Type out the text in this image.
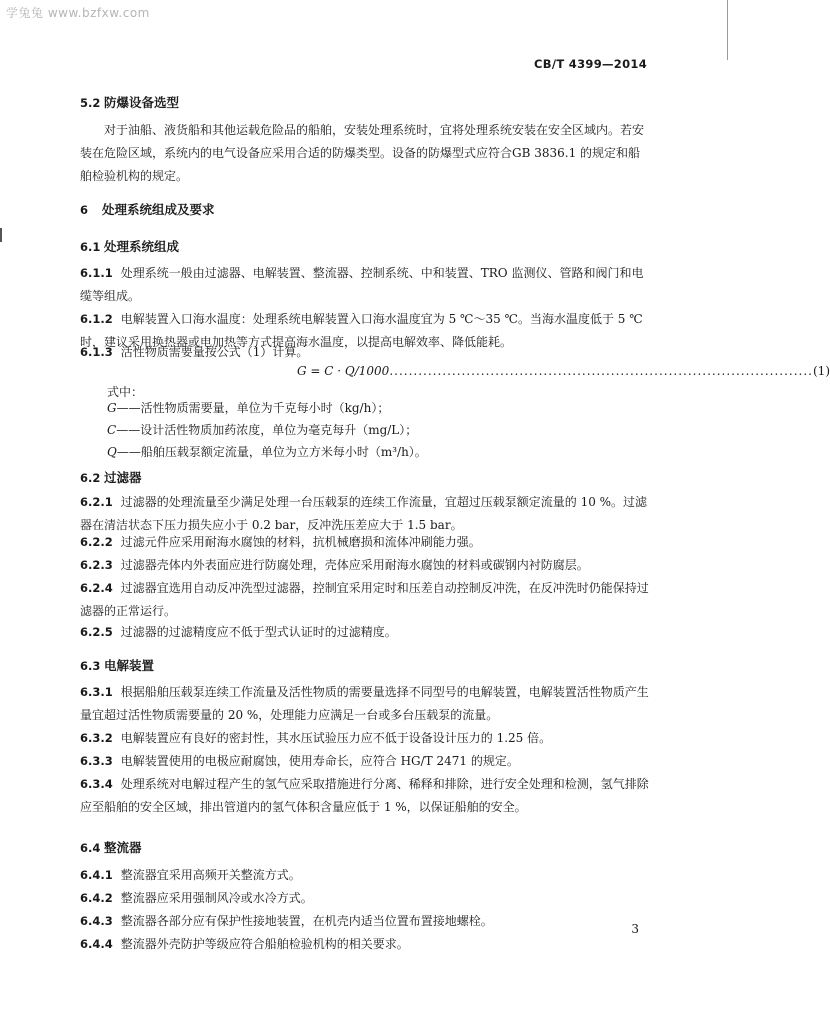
学兔兔 www.bzfxw.com
CB/T 4399—2014
5.2 防爆设备选型
对于油船、液货船和其他运载危险品的船舶，安装处理系统时，宜将处理系统安装在安全区域内。若安装在危险区域，系统内的电气设备应采用合适的防爆类型。设备的防爆型式应符合GB 3836.1 的规定和船舶检验机构的规定。
6 处理系统组成及要求
6.1 处理系统组成
6.1.1 处理系统一般由过滤器、电解装置、整流器、控制系统、中和装置、TRO 监测仪、管路和阀门和电缆等组成。
6.1.2 电解装置入口海水温度：处理系统电解装置入口海水温度宜为 5 ℃～35 ℃。当海水温度低于 5 ℃时，建议采用换热器或电加热等方式提高海水温度，以提高电解效率、降低能耗。
6.1.3 活性物质需要量按公式（1）计算。
G = C · Q/1000 ........................................................................................ (1)
式中：
G——活性物质需要量，单位为千克每小时（kg/h）；
C——设计活性物质加药浓度，单位为毫克每升（mg/L）；
Q——船舶压载泵额定流量，单位为立方米每小时（m³/h）。
6.2 过滤器
6.2.1 过滤器的处理流量至少满足处理一台压载泵的连续工作流量，宜超过压载泵额定流量的 10 %。过滤器在清洁状态下压力损失应小于 0.2 bar，反冲洗压差应大于 1.5 bar。
6.2.2 过滤元件应采用耐海水腐蚀的材料，抗机械磨损和流体冲刷能力强。
6.2.3 过滤器壳体内外表面应进行防腐处理，壳体应采用耐海水腐蚀的材料或碳钢内衬防腐层。
6.2.4 过滤器宜选用自动反冲洗型过滤器，控制宜采用定时和压差自动控制反冲洗，在反冲洗时仍能保持过滤器的正常运行。
6.2.5 过滤器的过滤精度应不低于型式认证时的过滤精度。
6.3 电解装置
6.3.1 根据船舶压载泵连续工作流量及活性物质的需要量选择不同型号的电解装置，电解装置活性物质产生量宜超过活性物质需要量的 20 %，处理能力应满足一台或多台压载泵的流量。
6.3.2 电解装置应有良好的密封性，其水压试验压力应不低于设备设计压力的 1.25 倍。
6.3.3 电解装置使用的电极应耐腐蚀，使用寿命长，应符合 HG/T 2471 的规定。
6.3.4 处理系统对电解过程产生的氢气应采取措施进行分离、稀释和排除，进行安全处理和检测，氢气排除应至船舶的安全区域，排出管道内的氢气体积含量应低于 1 %，以保证船舶的安全。
6.4 整流器
6.4.1 整流器宜采用高频开关整流方式。
6.4.2 整流器应采用强制风冷或水冷方式。
6.4.3 整流器各部分应有保护性接地装置，在机壳内适当位置布置接地螺栓。
6.4.4 整流器外壳防护等级应符合船舶检验机构的相关要求。
3
